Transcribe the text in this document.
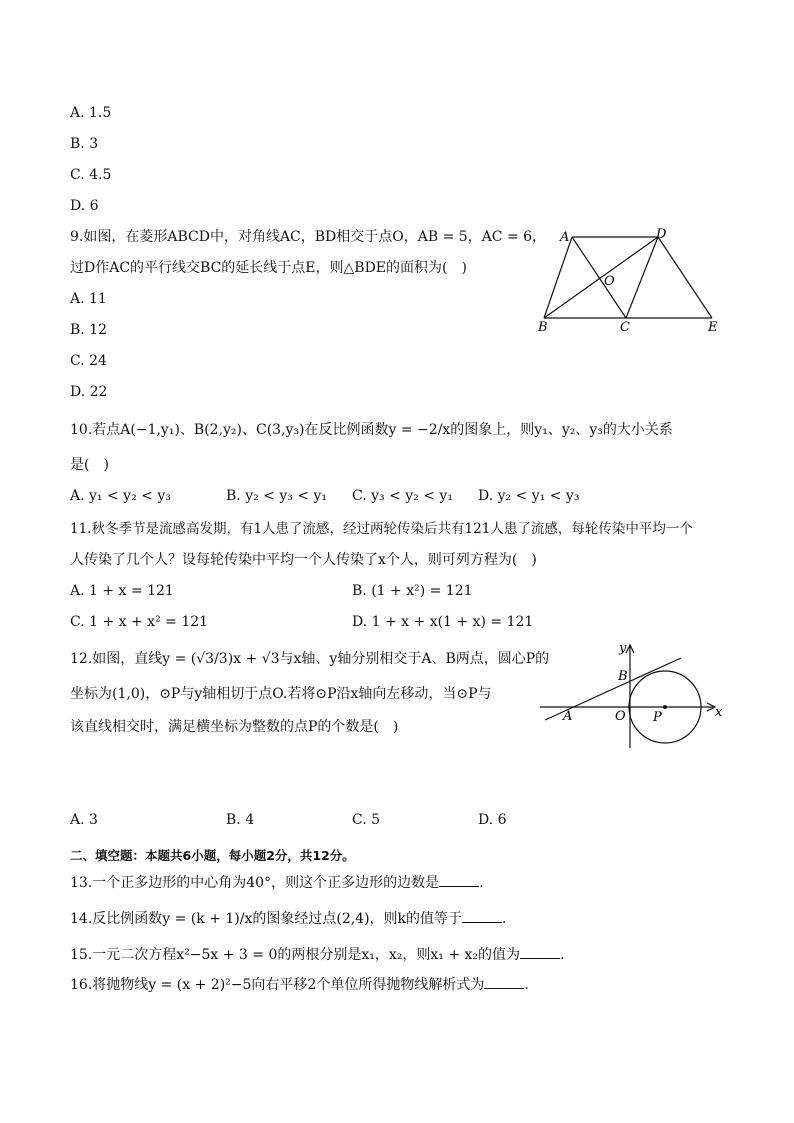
A. 1.5
B. 3
C. 4.5
D. 6
9.如图，在菱形ABCD中，对角线AC，BD相交于点O，AB = 5，AC = 6，
过D作AC的平行线交BC的延长线于点E，则△BDE的面积为(　)
A. 11
B. 12
C. 24
D. 22
A	D
O
B	C	E
10.若点A(−1,y₁)、B(2,y₂)、C(3,y₃)在反比例函数y = −2/x的图象上，则y₁、y₂、y₃的大小关系
是(　)
A. y₁ < y₂ < y₃	B. y₂ < y₃ < y₁ C. y₃ < y₂ < y₁ D. y₂ < y₁ < y₃
11.秋冬季节是流感高发期，有1人患了流感，经过两轮传染后共有121人患了流感，每轮传染中平均一个
人传染了几个人？设每轮传染中平均一个人传染了x个人，则可列方程为(　)
A. 1 + x = 121	B. (1 + x²) = 121
C. 1 + x + x² = 121	D. 1 + x + x(1 + x) = 121
12.如图，直线y = (√3/3)x + √3与x轴、y轴分别相交于A、B两点，圆心P的
坐标为(1,0)，⊙P与y轴相切于点O.若将⊙P沿x轴向左移动，当⊙P与
该直线相交时，满足横坐标为整数的点P的个数是(　)
y
x
B
A	O P
A. 3	B. 4	C. 5	D. 6
二、填空题：本题共6小题，每小题2分，共12分。
13.一个正多边形的中心角为40°，则这个正多边形的边数是	.
14.反比例函数y = (k + 1)/x的图象经过点(2,4)，则k的值等于	.
15.一元二次方程x²−5x + 3 = 0的两根分别是x₁，x₂，则x₁ + x₂的值为	.
16.将抛物线y = (x + 2)²−5向右平移2个单位所得抛物线解析式为	.
